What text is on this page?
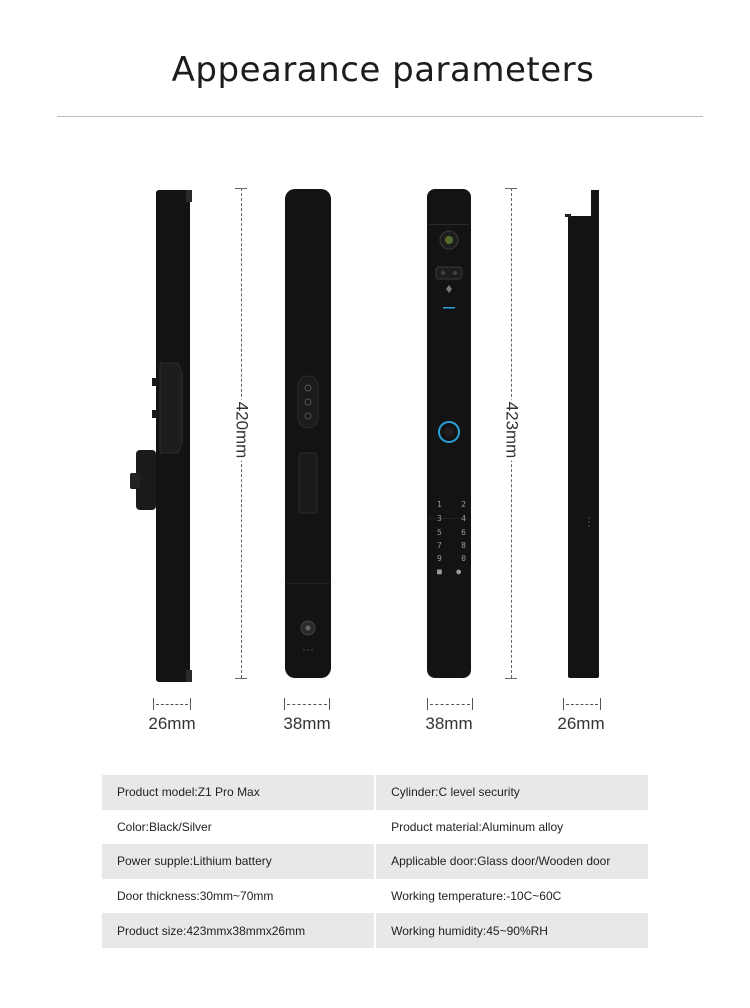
Appearance parameters
420mm
1 2
3 4
5 6
7 8
9 0
■   ●
423mm
26mm	38mm	38mm	26mm
Product model:Z1 Pro Max	Cylinder:C level security
Color:Black/Silver	Product material:Aluminum alloy
Power supple:Lithium battery	Applicable door:Glass door/Wooden door
Door thickness:30mm~70mm	Working temperature:-10C~60C
Product size:423mmx38mmx26mm	Working humidity:45~90%RH
